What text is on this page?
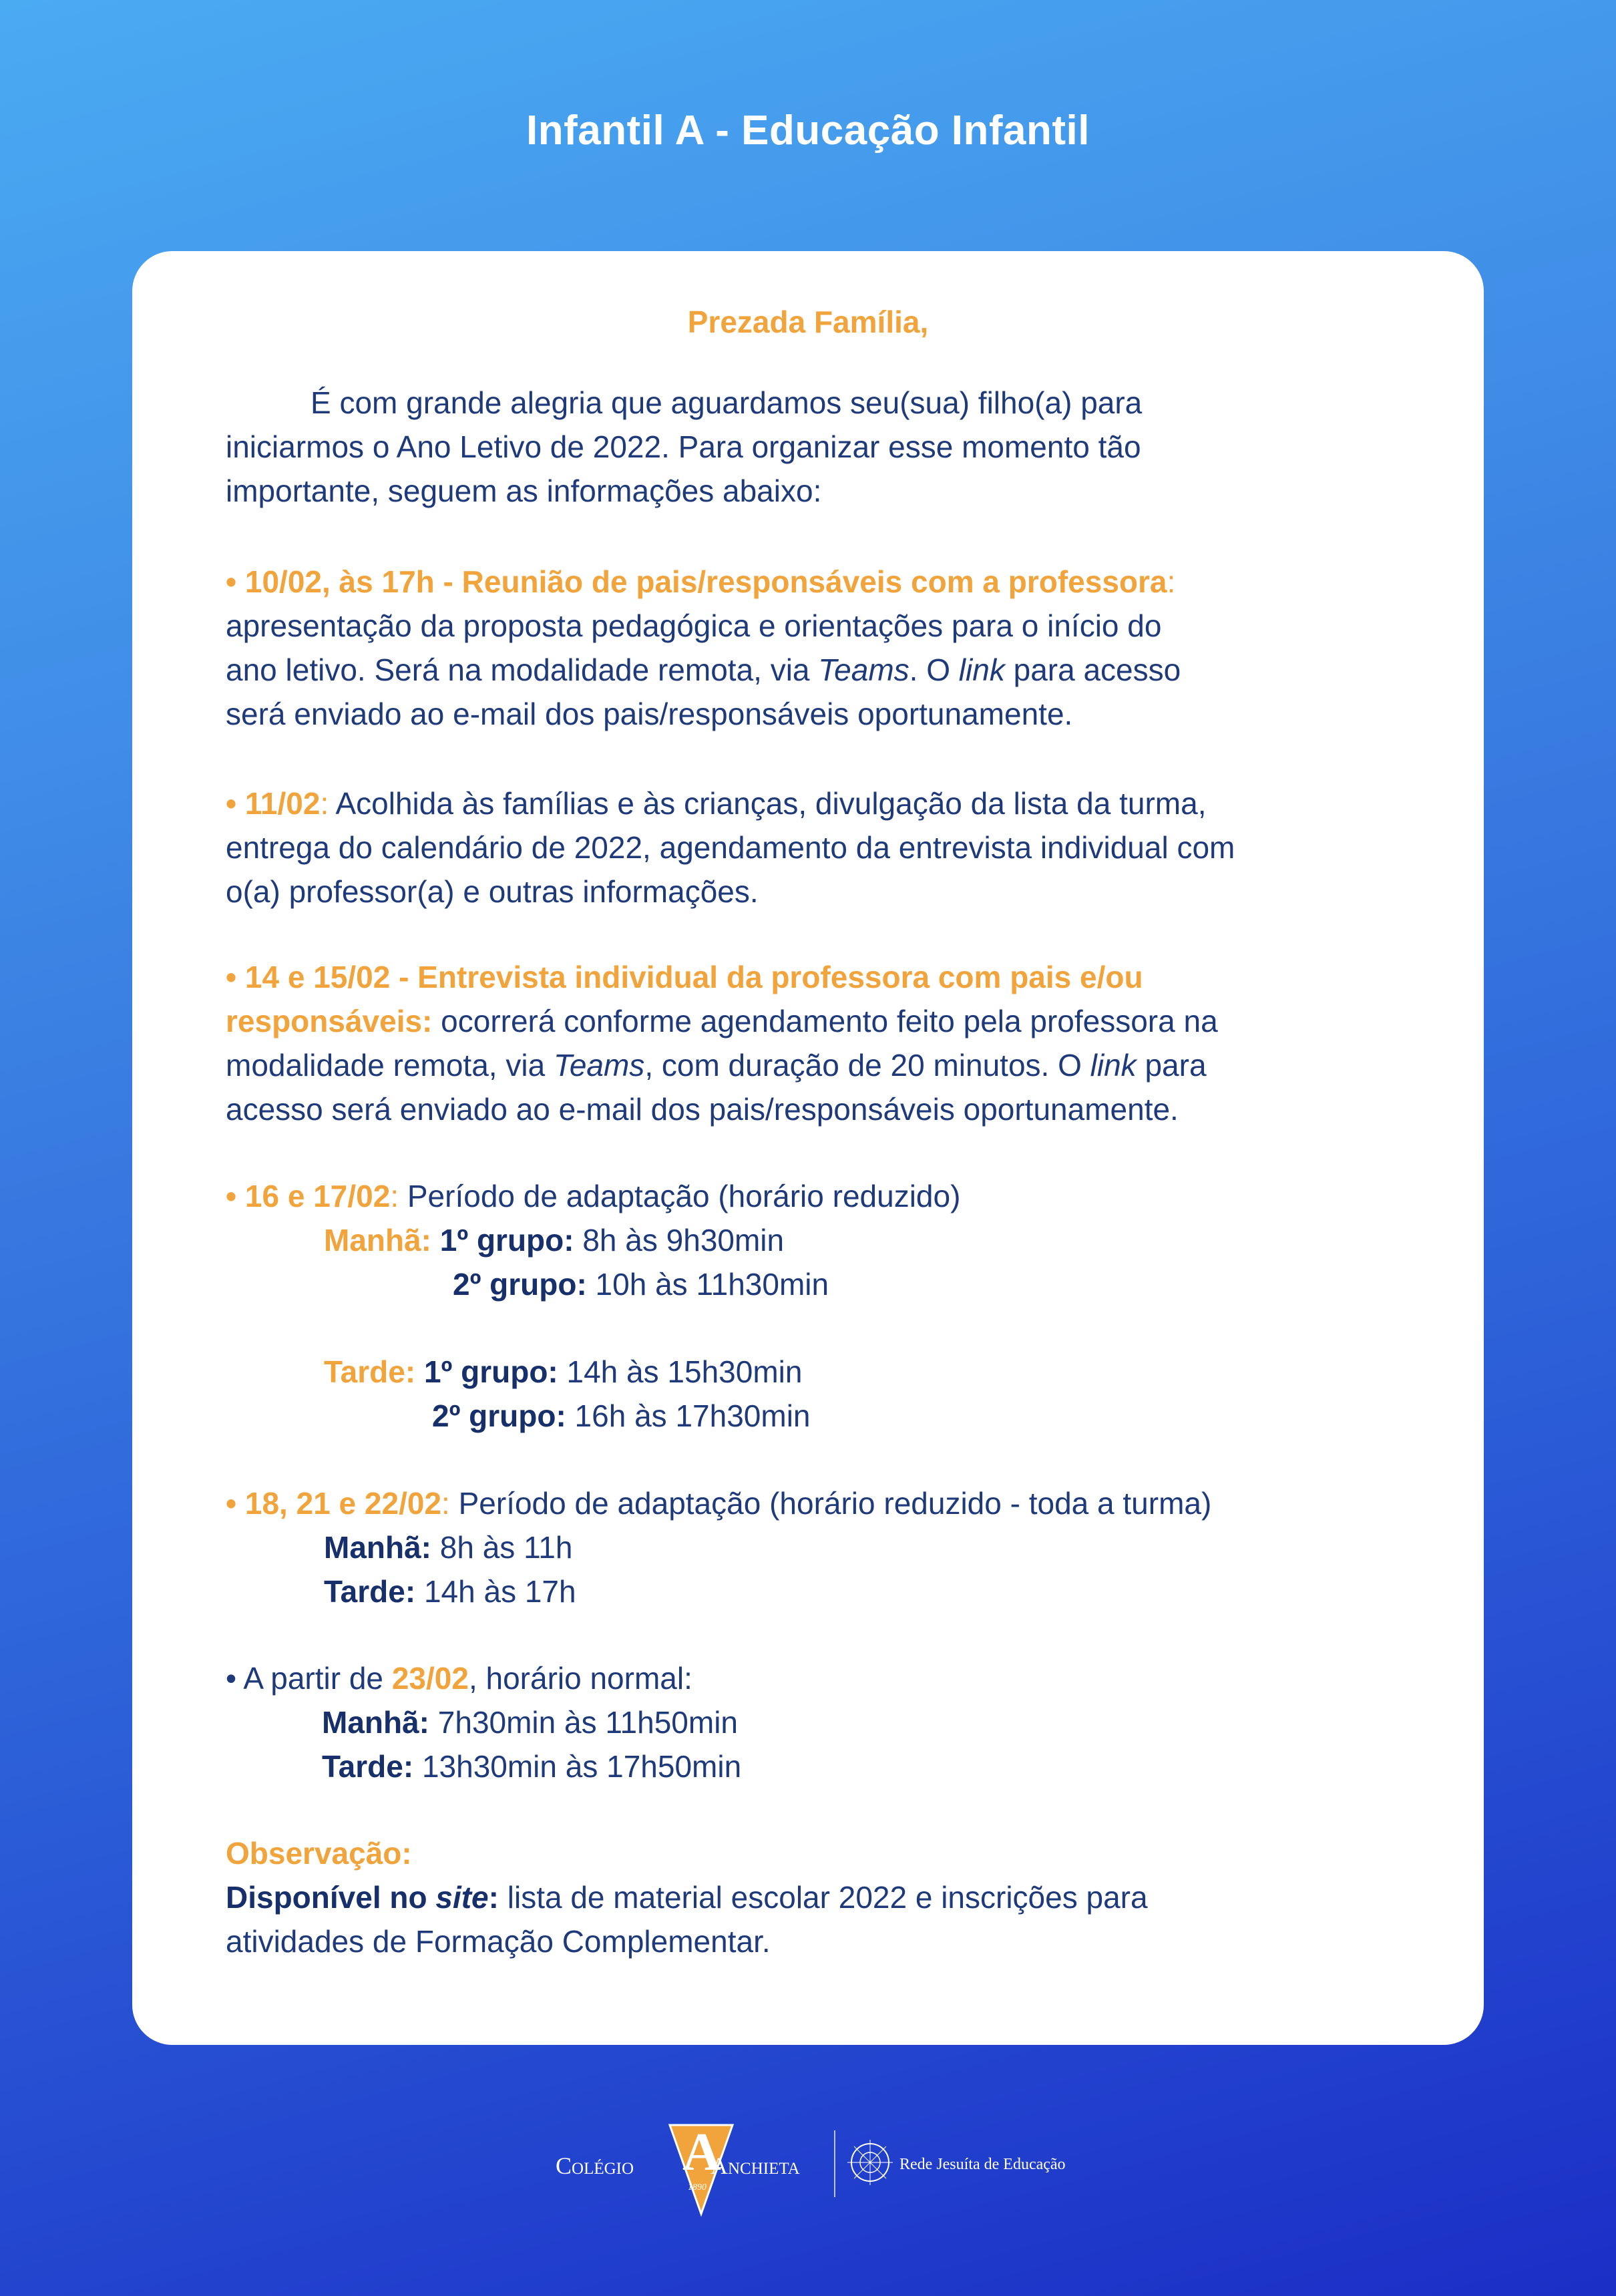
Infantil A - Educação Infantil
Prezada Família,
É com grande alegria que aguardamos seu(sua) filho(a) para
iniciarmos o Ano Letivo de 2022. Para organizar esse momento tão
importante, seguem as informações abaixo:
• 10/02, às 17h - Reunião de pais/responsáveis com a professora:
apresentação da proposta pedagógica e orientações para o início do
ano letivo. Será na modalidade remota, via Teams. O link para acesso
será enviado ao e-mail dos pais/responsáveis oportunamente.
• 11/02: Acolhida às famílias e às crianças, divulgação da lista da turma,
entrega do calendário de 2022, agendamento da entrevista individual com
o(a) professor(a) e outras informações.
• 14 e 15/02 - Entrevista individual da professora com pais e/ou
responsáveis: ocorrerá conforme agendamento feito pela professora na
modalidade remota, via Teams, com duração de 20 minutos. O link para
acesso será enviado ao e-mail dos pais/responsáveis oportunamente.
• 16 e 17/02: Período de adaptação (horário reduzido)
Manhã: 1º grupo: 8h às 9h30min
2º grupo: 10h às 11h30min
Tarde: 1º grupo: 14h às 15h30min
2º grupo: 16h às 17h30min
• 18, 21 e 22/02: Período de adaptação (horário reduzido - toda a turma)
Manhã: 8h às 11h
Tarde: 14h às 17h
• A partir de 23/02, horário normal:
Manhã: 7h30min às 11h50min
Tarde: 13h30min às 17h50min
Observação:
Disponível no site: lista de material escolar 2022 e inscrições para
atividades de Formação Complementar.
A
1890
Colégio	Anchieta	Rede Jesuíta de Educação
